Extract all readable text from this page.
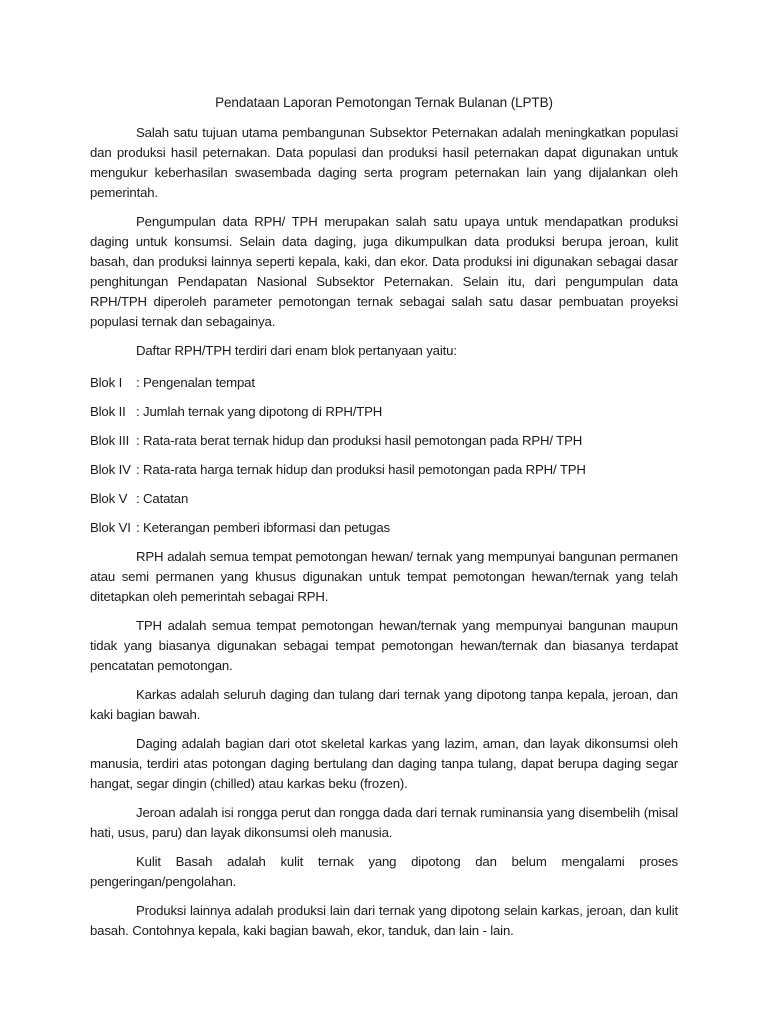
Pendataan Laporan Pemotongan Ternak Bulanan (LPTB)

Salah satu tujuan utama pembangunan Subsektor Peternakan adalah meningkatkan populasi dan produksi hasil peternakan. Data populasi dan produksi hasil peternakan dapat digunakan untuk mengukur keberhasilan swasembada daging serta program peternakan lain yang dijalankan oleh pemerintah.

Pengumpulan data RPH/ TPH merupakan salah satu upaya untuk mendapatkan produksi daging untuk konsumsi. Selain data daging, juga dikumpulkan data produksi berupa jeroan, kulit basah, dan produksi lainnya seperti kepala, kaki, dan ekor. Data produksi ini digunakan sebagai dasar penghitungan Pendapatan Nasional Subsektor Peternakan. Selain itu, dari pengumpulan data RPH/TPH diperoleh parameter pemotongan ternak sebagai salah satu dasar pembuatan proyeksi populasi ternak dan sebagainya.

Daftar RPH/TPH terdiri dari enam blok pertanyaan yaitu:

Blok I	: Pengenalan tempat
Blok II : Jumlah ternak yang dipotong di RPH/TPH
Blok III : Rata-rata berat ternak hidup dan produksi hasil pemotongan pada RPH/ TPH
Blok IV : Rata-rata harga ternak hidup dan produksi hasil pemotongan pada RPH/ TPH
Blok V : Catatan
Blok VI : Keterangan pemberi ibformasi dan petugas

RPH adalah semua tempat pemotongan hewan/ ternak yang mempunyai bangunan permanen atau semi permanen yang khusus digunakan untuk tempat pemotongan hewan/ternak yang telah ditetapkan oleh pemerintah sebagai RPH.

TPH adalah semua tempat pemotongan hewan/ternak yang mempunyai bangunan maupun tidak yang biasanya digunakan sebagai tempat pemotongan hewan/ternak dan biasanya terdapat pencatatan pemotongan.

Karkas adalah seluruh daging dan tulang dari ternak yang dipotong tanpa kepala, jeroan, dan kaki bagian bawah.

Daging adalah bagian dari otot skeletal karkas yang lazim, aman, dan layak dikonsumsi oleh manusia, terdiri atas potongan daging bertulang dan daging tanpa tulang, dapat berupa daging segar hangat, segar dingin (chilled) atau karkas beku (frozen).

Jeroan adalah isi rongga perut dan rongga dada dari ternak ruminansia yang disembelih (misal hati, usus, paru) dan layak dikonsumsi oleh manusia.

Kulit Basah adalah kulit ternak yang dipotong dan belum mengalami proses pengeringan/pengolahan.

Produksi lainnya adalah produksi lain dari ternak yang dipotong selain karkas, jeroan, dan kulit basah. Contohnya kepala, kaki bagian bawah, ekor, tanduk, dan lain - lain.
